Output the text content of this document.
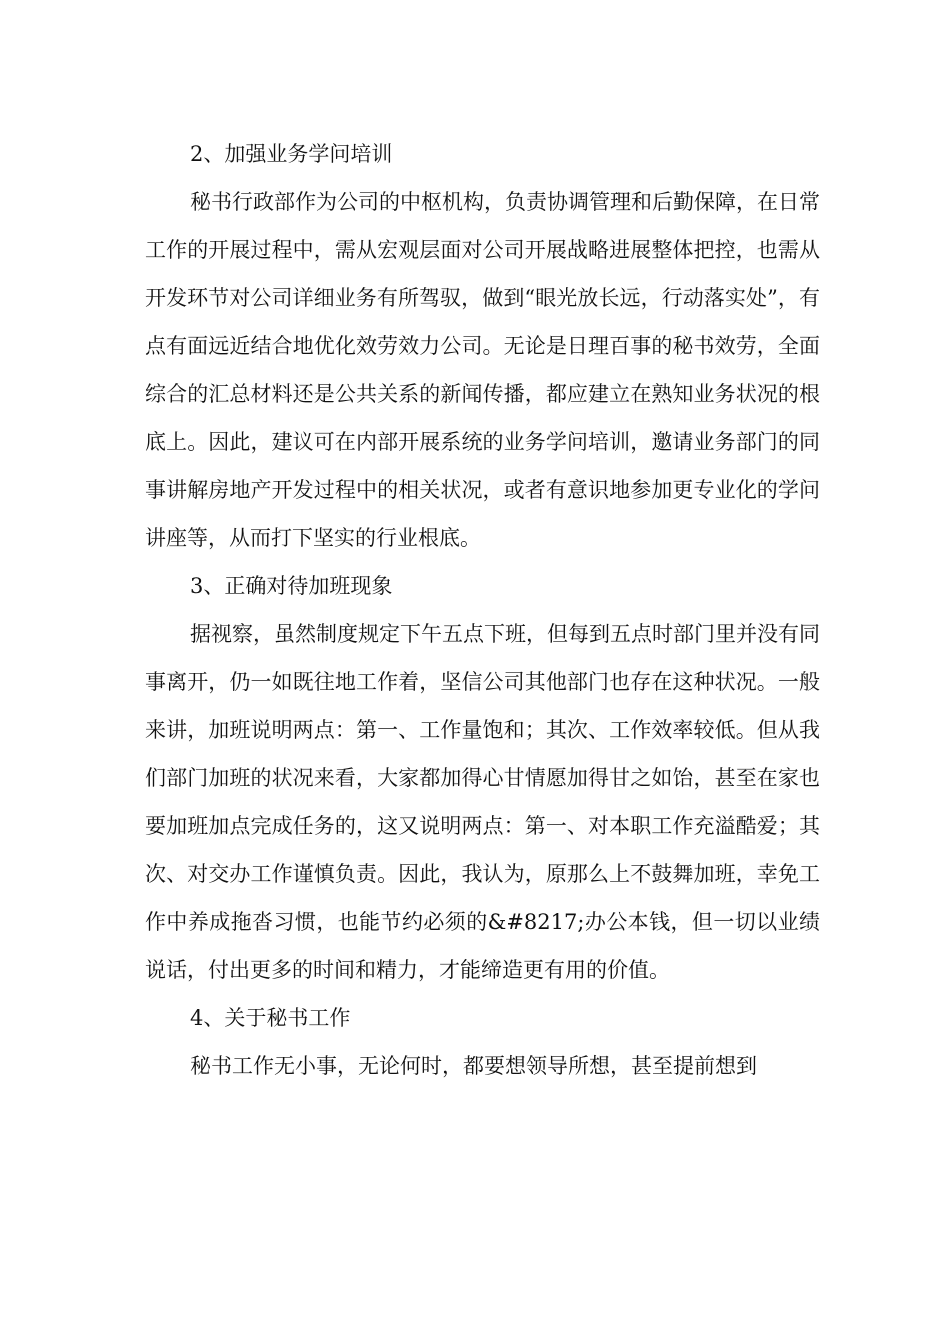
2、加强业务学问培训

秘书行政部作为公司的中枢机构，负责协调管理和后勤保障，在日常工作的开展过程中，需从宏观层面对公司开展战略进展整体把控，也需从开发环节对公司详细业务有所驾驭，做到“眼光放长远，行动落实处”，有点有面远近结合地优化效劳效力公司。无论是日理百事的秘书效劳，全面综合的汇总材料还是公共关系的新闻传播，都应建立在熟知业务状况的根底上。因此，建议可在内部开展系统的业务学问培训，邀请业务部门的同事讲解房地产开发过程中的相关状况，或者有意识地参加更专业化的学问讲座等，从而打下坚实的行业根底。

3、正确对待加班现象

据视察，虽然制度规定下午五点下班，但每到五点时部门里并没有同事离开，仍一如既往地工作着，坚信公司其他部门也存在这种状况。一般来讲，加班说明两点：第一、工作量饱和；其次、工作效率较低。但从我们部门加班的状况来看，大家都加得心甘情愿加得甘之如饴，甚至在家也要加班加点完成任务的，这又说明两点：第一、对本职工作充溢酷爱；其次、对交办工作谨慎负责。因此，我认为，原那么上不鼓舞加班，幸免工作中养成拖沓习惯，也能节约必须的&#8217;办公本钱，但一切以业绩说话，付出更多的时间和精力，才能缔造更有用的价值。

4、关于秘书工作

秘书工作无小事，无论何时，都要想领导所想，甚至提前想到
